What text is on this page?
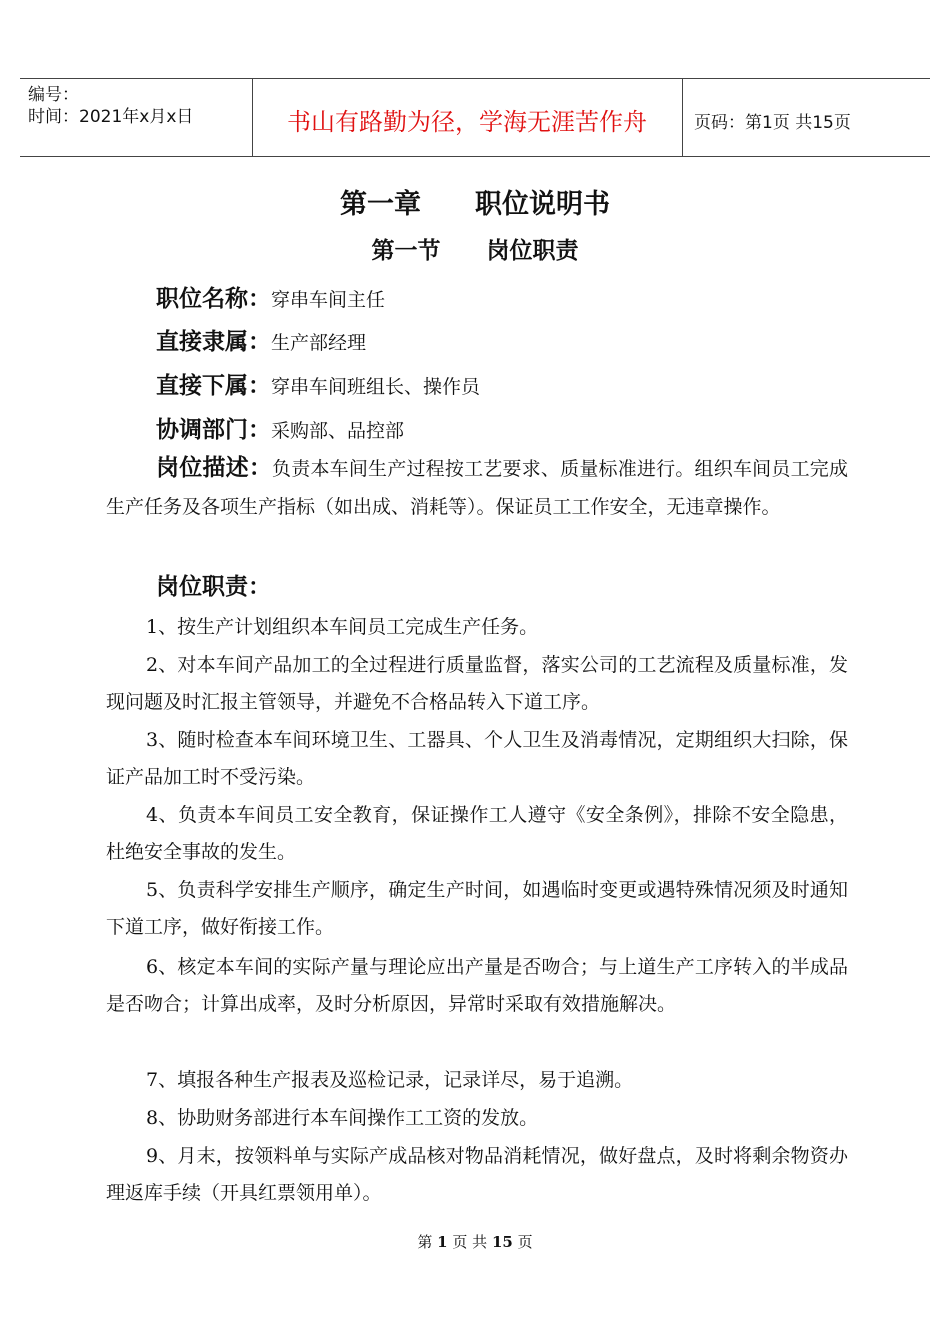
编号：
时间：2021年x月x日	书山有路勤为径，学海无涯苦作舟	页码：第1页 共15页
第一章　　职位说明书
第一节　　岗位职责
职位名称：穿串车间主任
直接隶属：生产部经理
直接下属：穿串车间班组长、操作员
协调部门：采购部、品控部
岗位描述：负责本车间生产过程按工艺要求、质量标准进行。组织车间员工完成生产任务及各项生产指标（如出成、消耗等）。保证员工工作安全，无违章操作。
岗位职责：
1、按生产计划组织本车间员工完成生产任务。
2、对本车间产品加工的全过程进行质量监督，落实公司的工艺流程及质量标准，发现问题及时汇报主管领导，并避免不合格品转入下道工序。
3、随时检查本车间环境卫生、工器具、个人卫生及消毒情况，定期组织大扫除，保证产品加工时不受污染。
4、负责本车间员工安全教育，保证操作工人遵守《安全条例》，排除不安全隐患，杜绝安全事故的发生。
5、负责科学安排生产顺序，确定生产时间，如遇临时变更或遇特殊情况须及时通知下道工序，做好衔接工作。
6、核定本车间的实际产量与理论应出产量是否吻合；与上道生产工序转入的半成品是否吻合；计算出成率，及时分析原因，异常时采取有效措施解决。
7、填报各种生产报表及巡检记录，记录详尽，易于追溯。
8、协助财务部进行本车间操作工工资的发放。
9、月末，按领料单与实际产成品核对物品消耗情况，做好盘点，及时将剩余物资办理返库手续（开具红票领用单）。
第 1 页 共 15 页
